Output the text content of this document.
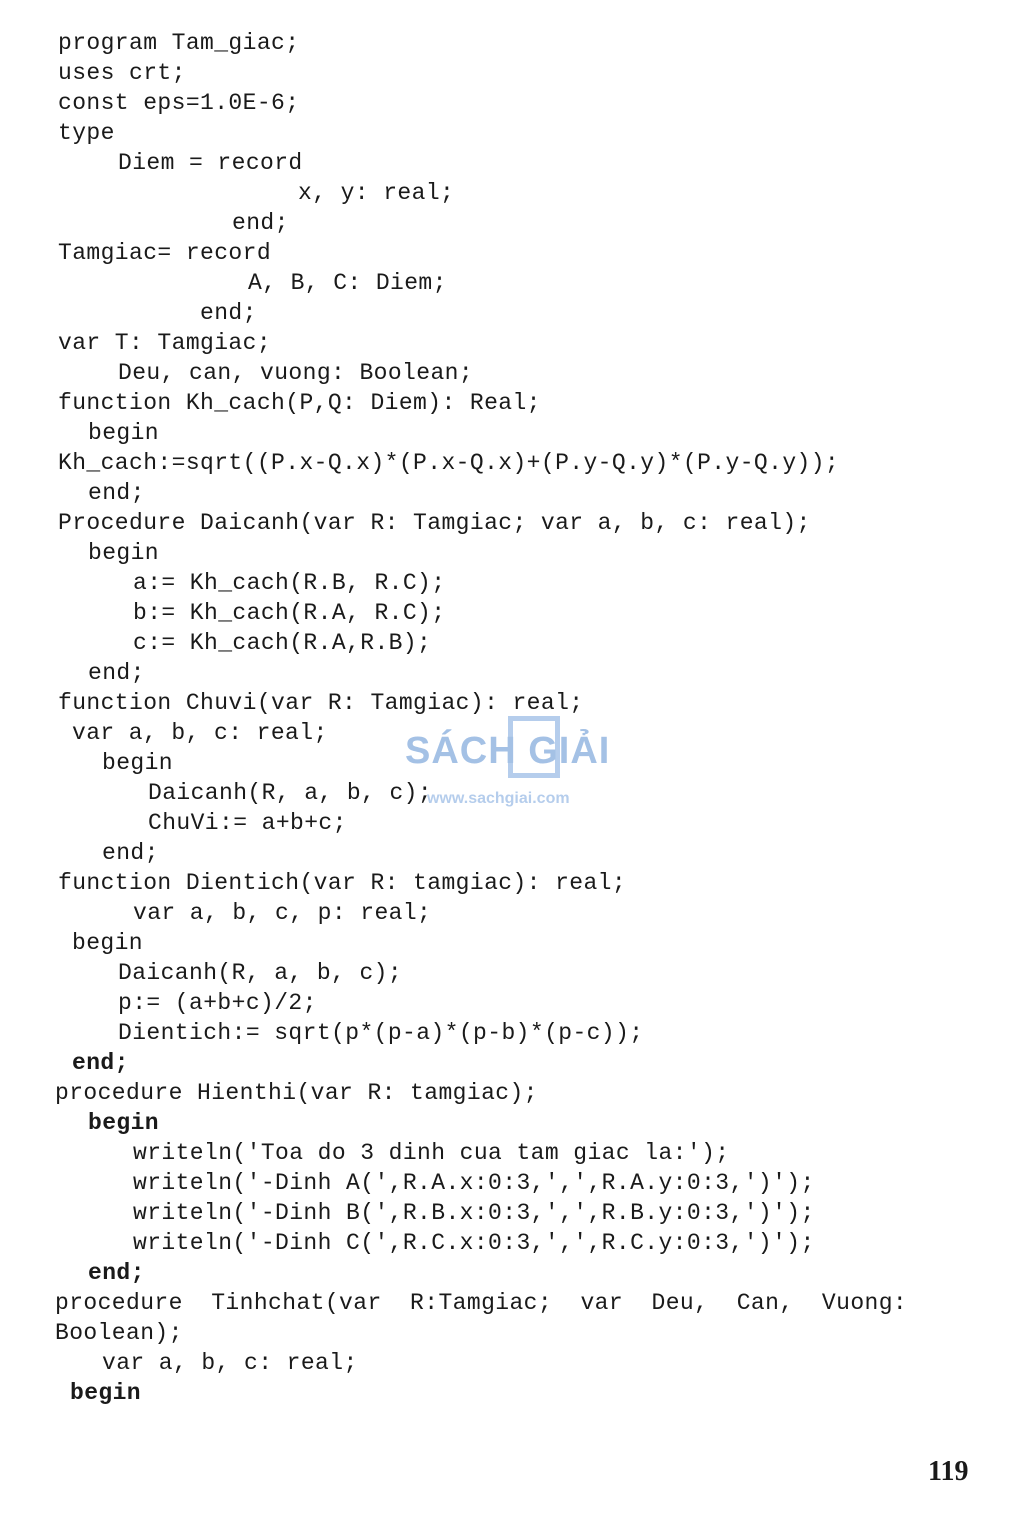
program Tam_giac;
uses crt;
const eps=1.0E-6;
type
Diem = record
x, y: real;
end;
Tamgiac= record
A, B, C: Diem;
end;
var T: Tamgiac;
Deu, can, vuong: Boolean;
function Kh_cach(P,Q: Diem): Real;
begin
Kh_cach:=sqrt((P.x-Q.x)*(P.x-Q.x)+(P.y-Q.y)*(P.y-Q.y));
end;
Procedure Daicanh(var R: Tamgiac; var a, b, c: real);
begin
a:= Kh_cach(R.B, R.C);
b:= Kh_cach(R.A, R.C);
c:= Kh_cach(R.A,R.B);
end;
function Chuvi(var R: Tamgiac): real;
var a, b, c: real;
begin
Daicanh(R, a, b, c);
ChuVi:= a+b+c;
end;
function Dientich(var R: tamgiac): real;
var a, b, c, p: real;
begin
Daicanh(R, a, b, c);
p:= (a+b+c)/2;
Dientich:= sqrt(p*(p-a)*(p-b)*(p-c));
end;
procedure Hienthi(var R: tamgiac);
begin
writeln('Toa do 3 dinh cua tam giac la:');
writeln('-Dinh A(',R.A.x:0:3,',',R.A.y:0:3,')');
writeln('-Dinh B(',R.B.x:0:3,',',R.B.y:0:3,')');
writeln('-Dinh C(',R.C.x:0:3,',',R.C.y:0:3,')');
end;
procedure  Tinhchat(var  R:Tamgiac;  var  Deu,  Can,  Vuong:
Boolean);
var a, b, c: real;
begin
SÁCH GIẢI
www.sachgiai.com
119
